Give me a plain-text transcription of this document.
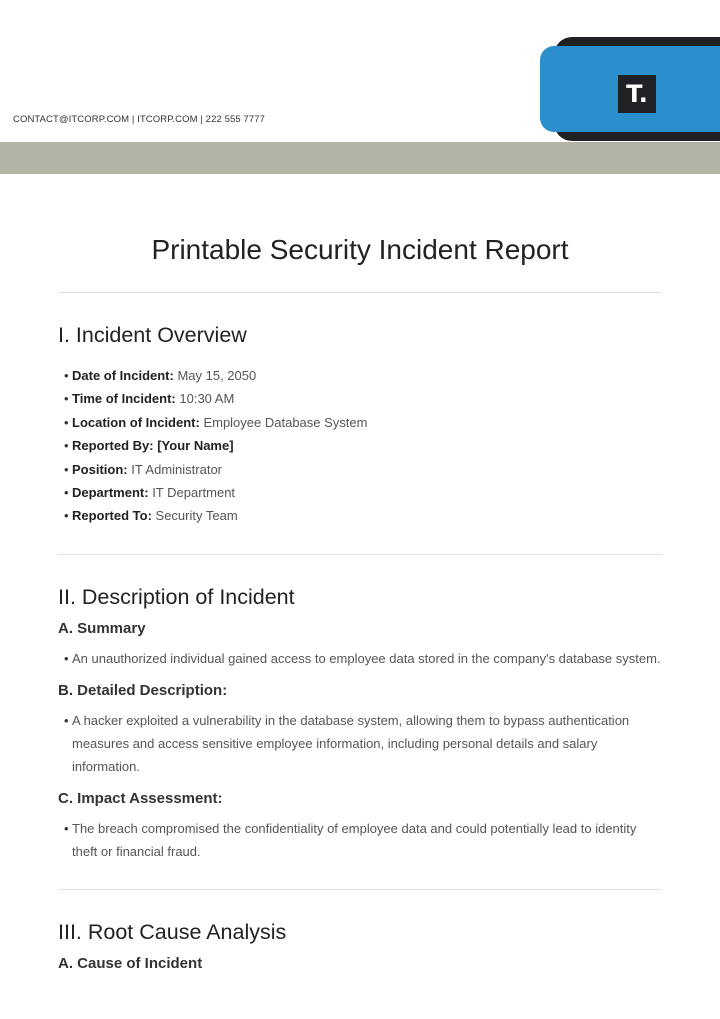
CONTACT@ITCORP.COM | ITCORP.COM | 222 555 7777
T.
Printable Security Incident Report
I. Incident Overview
• Date of Incident: May 15, 2050
• Time of Incident: 10:30 AM
• Location of Incident: Employee Database System
• Reported By: [Your Name]
• Position: IT Administrator
• Department: IT Department
• Reported To: Security Team
II. Description of Incident
A. Summary
• An unauthorized individual gained access to employee data stored in the company's database system.
B. Detailed Description:
• A hacker exploited a vulnerability in the database system, allowing them to bypass authentication measures and access sensitive employee information, including personal details and salary information.
C. Impact Assessment:
• The breach compromised the confidentiality of employee data and could potentially lead to identity theft or financial fraud.
III. Root Cause Analysis
A. Cause of Incident
